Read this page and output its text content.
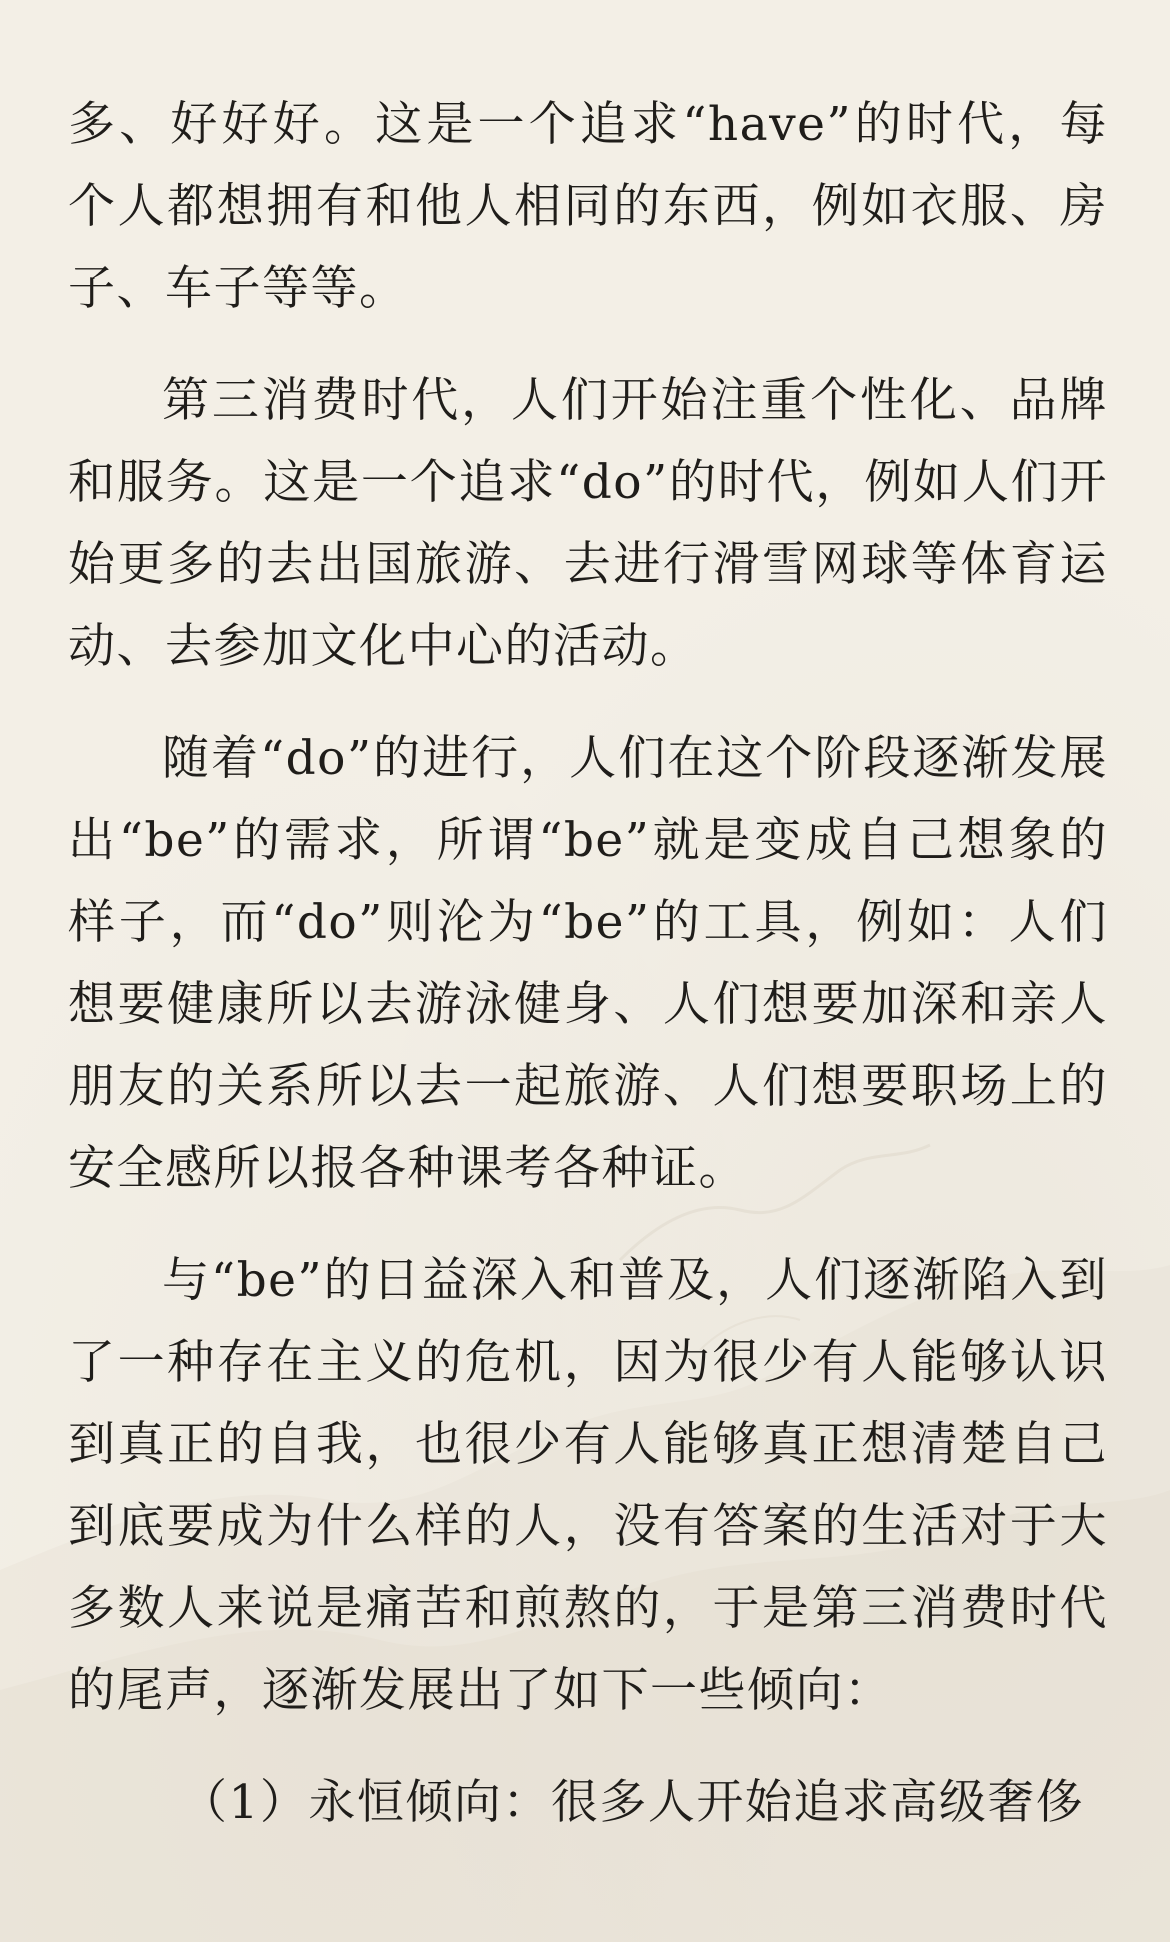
多、好好好。这是一个追求“have”的时代，每个人都想拥有和他人相同的东西，例如衣服、房子、车子等等。

第三消费时代，人们开始注重个性化、品牌和服务。这是一个追求“do”的时代，例如人们开始更多的去出国旅游、去进行滑雪网球等体育运动、去参加文化中心的活动。

随着“do”的进行，人们在这个阶段逐渐发展出“be”的需求，所谓“be”就是变成自己想象的样子，而“do”则沦为“be”的工具，例如：人们想要健康所以去游泳健身、人们想要加深和亲人朋友的关系所以去一起旅游、人们想要职场上的安全感所以报各种课考各种证。

与“be”的日益深入和普及，人们逐渐陷入到了一种存在主义的危机，因为很少有人能够认识到真正的自我，也很少有人能够真正想清楚自己到底要成为什么样的人，没有答案的生活对于大多数人来说是痛苦和煎熬的，于是第三消费时代的尾声，逐渐发展出了如下一些倾向：

（1）永恒倾向：很多人开始追求高级奢侈
